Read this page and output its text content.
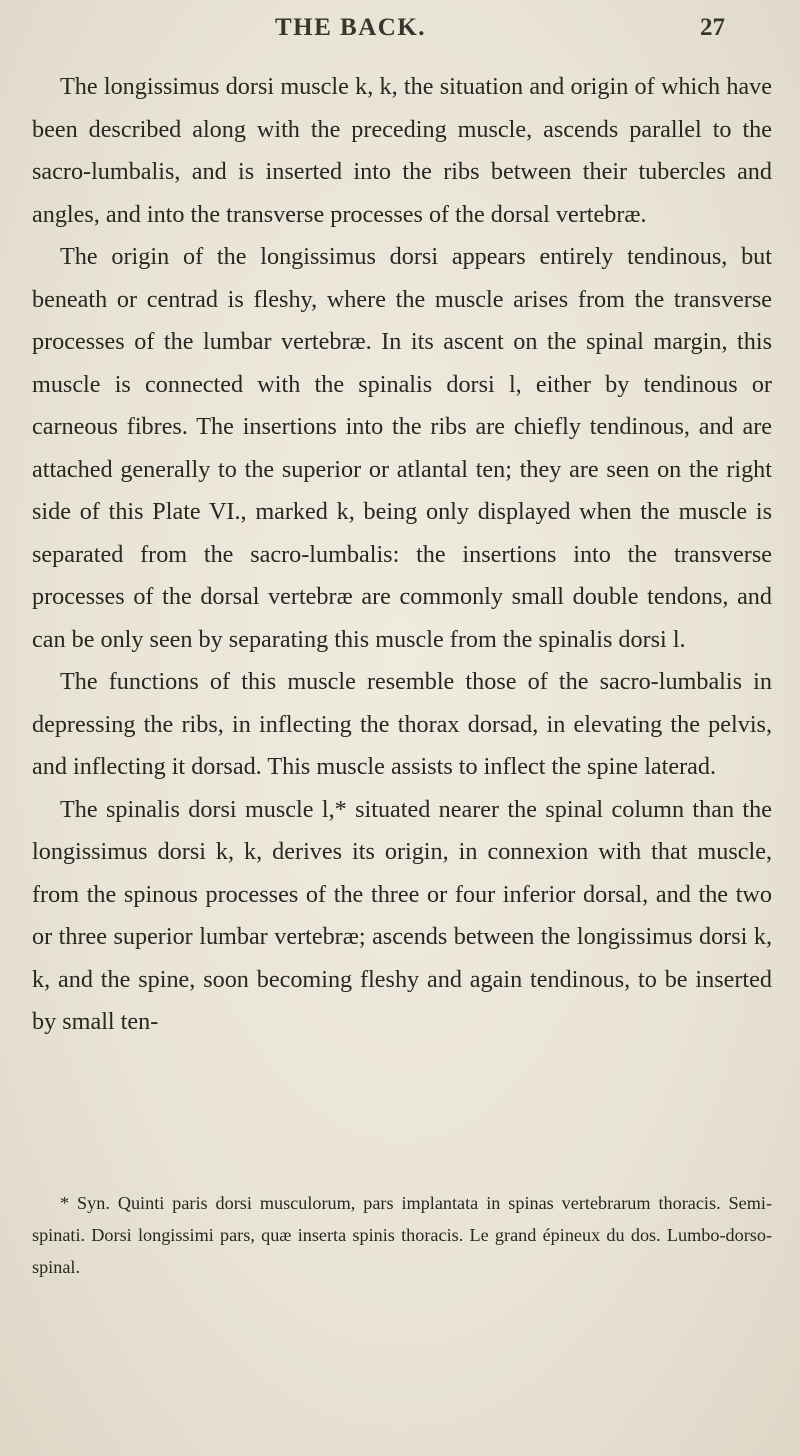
THE BACK.	27

The longissimus dorsi muscle k, k, the situation and origin of which have been described along with the preceding muscle, ascends parallel to the sacro-lumbalis, and is inserted into the ribs between their tubercles and angles, and into the transverse processes of the dorsal vertebræ.

The origin of the longissimus dorsi appears entirely tendinous, but beneath or centrad is fleshy, where the muscle arises from the transverse processes of the lumbar vertebræ. In its ascent on the spinal margin, this muscle is connected with the spinalis dorsi l, either by tendinous or carneous fibres. The insertions into the ribs are chiefly tendinous, and are attached generally to the superior or atlantal ten; they are seen on the right side of this Plate VI., marked k, being only displayed when the muscle is separated from the sacro-lumbalis: the insertions into the transverse processes of the dorsal vertebræ are commonly small double tendons, and can be only seen by separating this muscle from the spinalis dorsi l.

The functions of this muscle resemble those of the sacro-lumbalis in depressing the ribs, in inflecting the thorax dorsad, in elevating the pelvis, and inflecting it dorsad. This muscle assists to inflect the spine laterad.

The spinalis dorsi muscle l,* situated nearer the spinal column than the longissimus dorsi k, k, derives its origin, in connexion with that muscle, from the spinous processes of the three or four inferior dorsal, and the two or three superior lumbar vertebræ; ascends between the longissimus dorsi k, k, and the spine, soon becoming fleshy and again tendinous, to be inserted by small ten-

* Syn. Quinti paris dorsi musculorum, pars implantata in spinas vertebrarum thoracis. Semi-spinati. Dorsi longissimi pars, quæ inserta spinis thoracis. Le grand épineux du dos. Lumbo-dorso-spinal.
